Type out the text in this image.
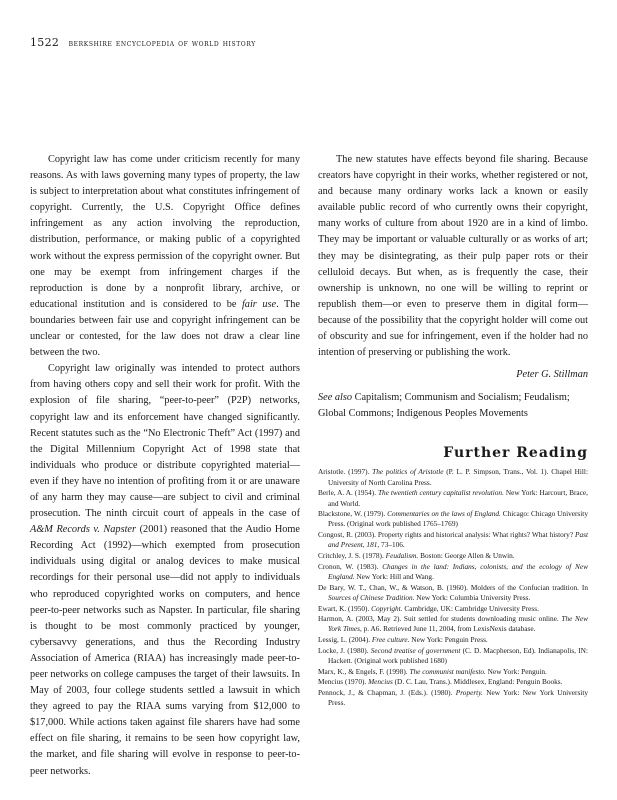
1522 berkshire encyclopedia of world history

Copyright law has come under criticism recently for many reasons. As with laws governing many types of property, the law is subject to interpretation about what constitutes infringement of copyright. Currently, the U.S. Copyright Office defines infringement as any action involving the reproduction, distribution, performance, or making public of a copyrighted work without the express permission of the copyright owner. But one may be exempt from infringement charges if the reproduction is done by a nonprofit library, archive, or educational institution and is considered to be fair use. The boundaries between fair use and copyright infringement can be unclear or contested, for the law does not draw a clear line between the two.

Copyright law originally was intended to protect authors from having others copy and sell their work for profit. With the explosion of file sharing, “peer-to-peer” (P2P) networks, copyright law and its enforcement have changed significantly. Recent statutes such as the “No Electronic Theft” Act (1997) and the Digital Millennium Copyright Act of 1998 state that individuals who produce or distribute copyrighted material—even if they have no intention of profiting from it or are unaware of any harm they may cause—are subject to civil and criminal prosecution. The ninth circuit court of appeals in the case of A&M Records v. Napster (2001) reasoned that the Audio Home Recording Act (1992)—which exempted from prosecution individuals using digital or analog devices to make musical recordings for their personal use—did not apply to individuals who reproduced copyrighted works on computers, and hence peer-to-peer networks such as Napster. In particular, file sharing is thought to be most commonly practiced by younger, cybersavvy generations, and thus the Recording Industry Association of America (RIAA) has increasingly made peer-to-peer networks on college campuses the target of their lawsuits. In May of 2003, four college students settled a lawsuit in which they agreed to pay the RIAA sums varying from $12,000 to $17,000. While actions taken against file sharers have had some effect on file sharing, it remains to be seen how copyright law, the market, and file sharing will evolve in response to peer-to-peer networks.

The new statutes have effects beyond file sharing. Because creators have copyright in their works, whether registered or not, and because many ordinary works lack a known or easily available public record of who currently owns their copyright, many works of culture from about 1920 are in a kind of limbo. They may be important or valuable culturally or as works of art; they may be disintegrating, as their pulp paper rots or their celluloid decays. But when, as is frequently the case, their ownership is unknown, no one will be willing to reprint or republish them—or even to preserve them in digital form—because of the possibility that the copyright holder will come out of obscurity and sue for infringement, even if the holder had no intention of preserving or publishing the work.

Peter G. Stillman

See also Capitalism; Communism and Socialism; Feudalism; Global Commons; Indigenous Peoples Movements

Further Reading
Aristotle. (1997). The politics of Aristotle (P. L. P. Simpson, Trans., Vol. 1). Chapel Hill: University of North Carolina Press.
Berle, A. A. (1954). The twentieth century capitalist revolution. New York: Harcourt, Brace, and World.
Blackstone, W. (1979). Commentaries on the laws of England. Chicago: Chicago University Press. (Original work published 1765–1769)
Congost, R. (2003). Property rights and historical analysis: What rights? What history? Past and Present, 181, 73–106.
Critchley, J. S. (1978). Feudalism. Boston: George Allen & Unwin.
Cronon, W. (1983). Changes in the land: Indians, colonists, and the ecology of New England. New York: Hill and Wang.
De Bary, W. T., Chan, W., & Watson, B. (1960). Molders of the Confucian tradition. In Sources of Chinese Tradition. New York: Columbia University Press.
Ewart, K. (1950). Copyright. Cambridge, UK: Cambridge University Press.
Harmon, A. (2003, May 2). Suit settled for students downloading music online. The New York Times, p. A6. Retrieved June 11, 2004, from LexisNexis database.
Lessig, L. (2004). Free culture. New York: Penguin Press.
Locke, J. (1980). Second treatise of government (C. D. Macpherson, Ed). Indianapolis, IN: Hackett. (Original work published 1680)
Marx, K., & Engels, F. (1998). The communist manifesto. New York: Penguin.
Mencius (1970). Mencius (D. C. Lau, Trans.). Middlesex, England: Penguin Books.
Pennock, J., & Chapman, J. (Eds.). (1980). Property. New York: New York University Press.
